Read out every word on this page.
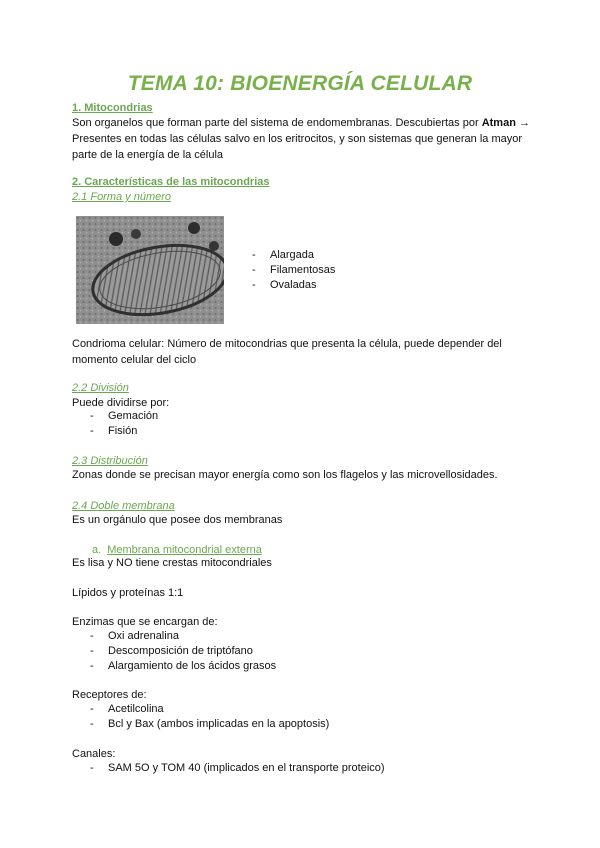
TEMA 10: BIOENERGÍA CELULAR

1. Mitocondrias

Son organelos que forman parte del sistema de endomembranas. Descubiertas por Atman → Presentes en todas las células salvo en los eritrocitos, y son sistemas que generan la mayor parte de la energía de la célula

2. Características de las mitocondrias

2.1 Forma y número

- Alargada
- Filamentosas
- Ovaladas

Condrioma celular: Número de mitocondrias que presenta la célula, puede depender del momento celular del ciclo

2.2 División

Puede dividirse por:

- Gemación
- Fisión

2.3 Distribución

Zonas donde se precisan mayor energía como son los flagelos y las microvellosidades.

2.4 Doble membrana

Es un orgánulo que posee dos membranas

a. Membrana mitocondrial externa

Es lisa y NO tiene crestas mitocondriales

Lípidos y proteínas 1:1

Enzimas que se encargan de:

- Oxi adrenalina
- Descomposición de triptófano
- Alargamiento de los ácidos grasos

Receptores de:

- Acetilcolina
- Bcl y Bax (ambos implicadas en la apoptosis)

Canales:

- SAM 5O y TOM 40 (implicados en el transporte proteico)
